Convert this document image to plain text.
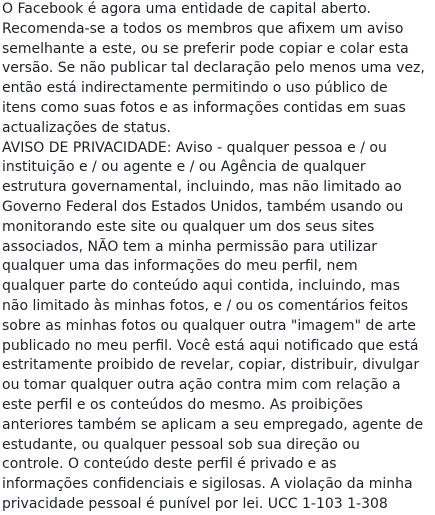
O Facebook é agora uma entidade de capital aberto.
Recomenda-se a todos os membros que afixem um aviso
semelhante a este, ou se preferir pode copiar e colar esta
versão. Se não publicar tal declaração pelo menos uma vez,
então está indirectamente permitindo o uso público de
itens como suas fotos e as informações contidas em suas
actualizações de status.

AVISO DE PRIVACIDADE: Aviso - qualquer pessoa e / ou
instituição e / ou agente e / ou Agência de qualquer
estrutura governamental, incluindo, mas não limitado ao
Governo Federal dos Estados Unidos, também usando ou
monitorando este site ou qualquer um dos seus sites
associados, NÃO tem a minha permissão para utilizar
qualquer uma das informações do meu perfil, nem
qualquer parte do conteúdo aqui contida, incluindo, mas
não limitado às minhas fotos, e / ou os comentários feitos
sobre as minhas fotos ou qualquer outra "imagem" de arte
publicado no meu perfil. Você está aqui notificado que está
estritamente proibido de revelar, copiar, distribuir, divulgar
ou tomar qualquer outra ação contra mim com relação a
este perfil e os conteúdos do mesmo. As proibições
anteriores também se aplicam a seu empregado, agente de
estudante, ou qualquer pessoal sob sua direção ou
controle. O conteúdo deste perfil é privado e as
informações confidenciais e sigilosas. A violação da minha
privacidade pessoal é punível por lei. UCC 1-103 1-308
